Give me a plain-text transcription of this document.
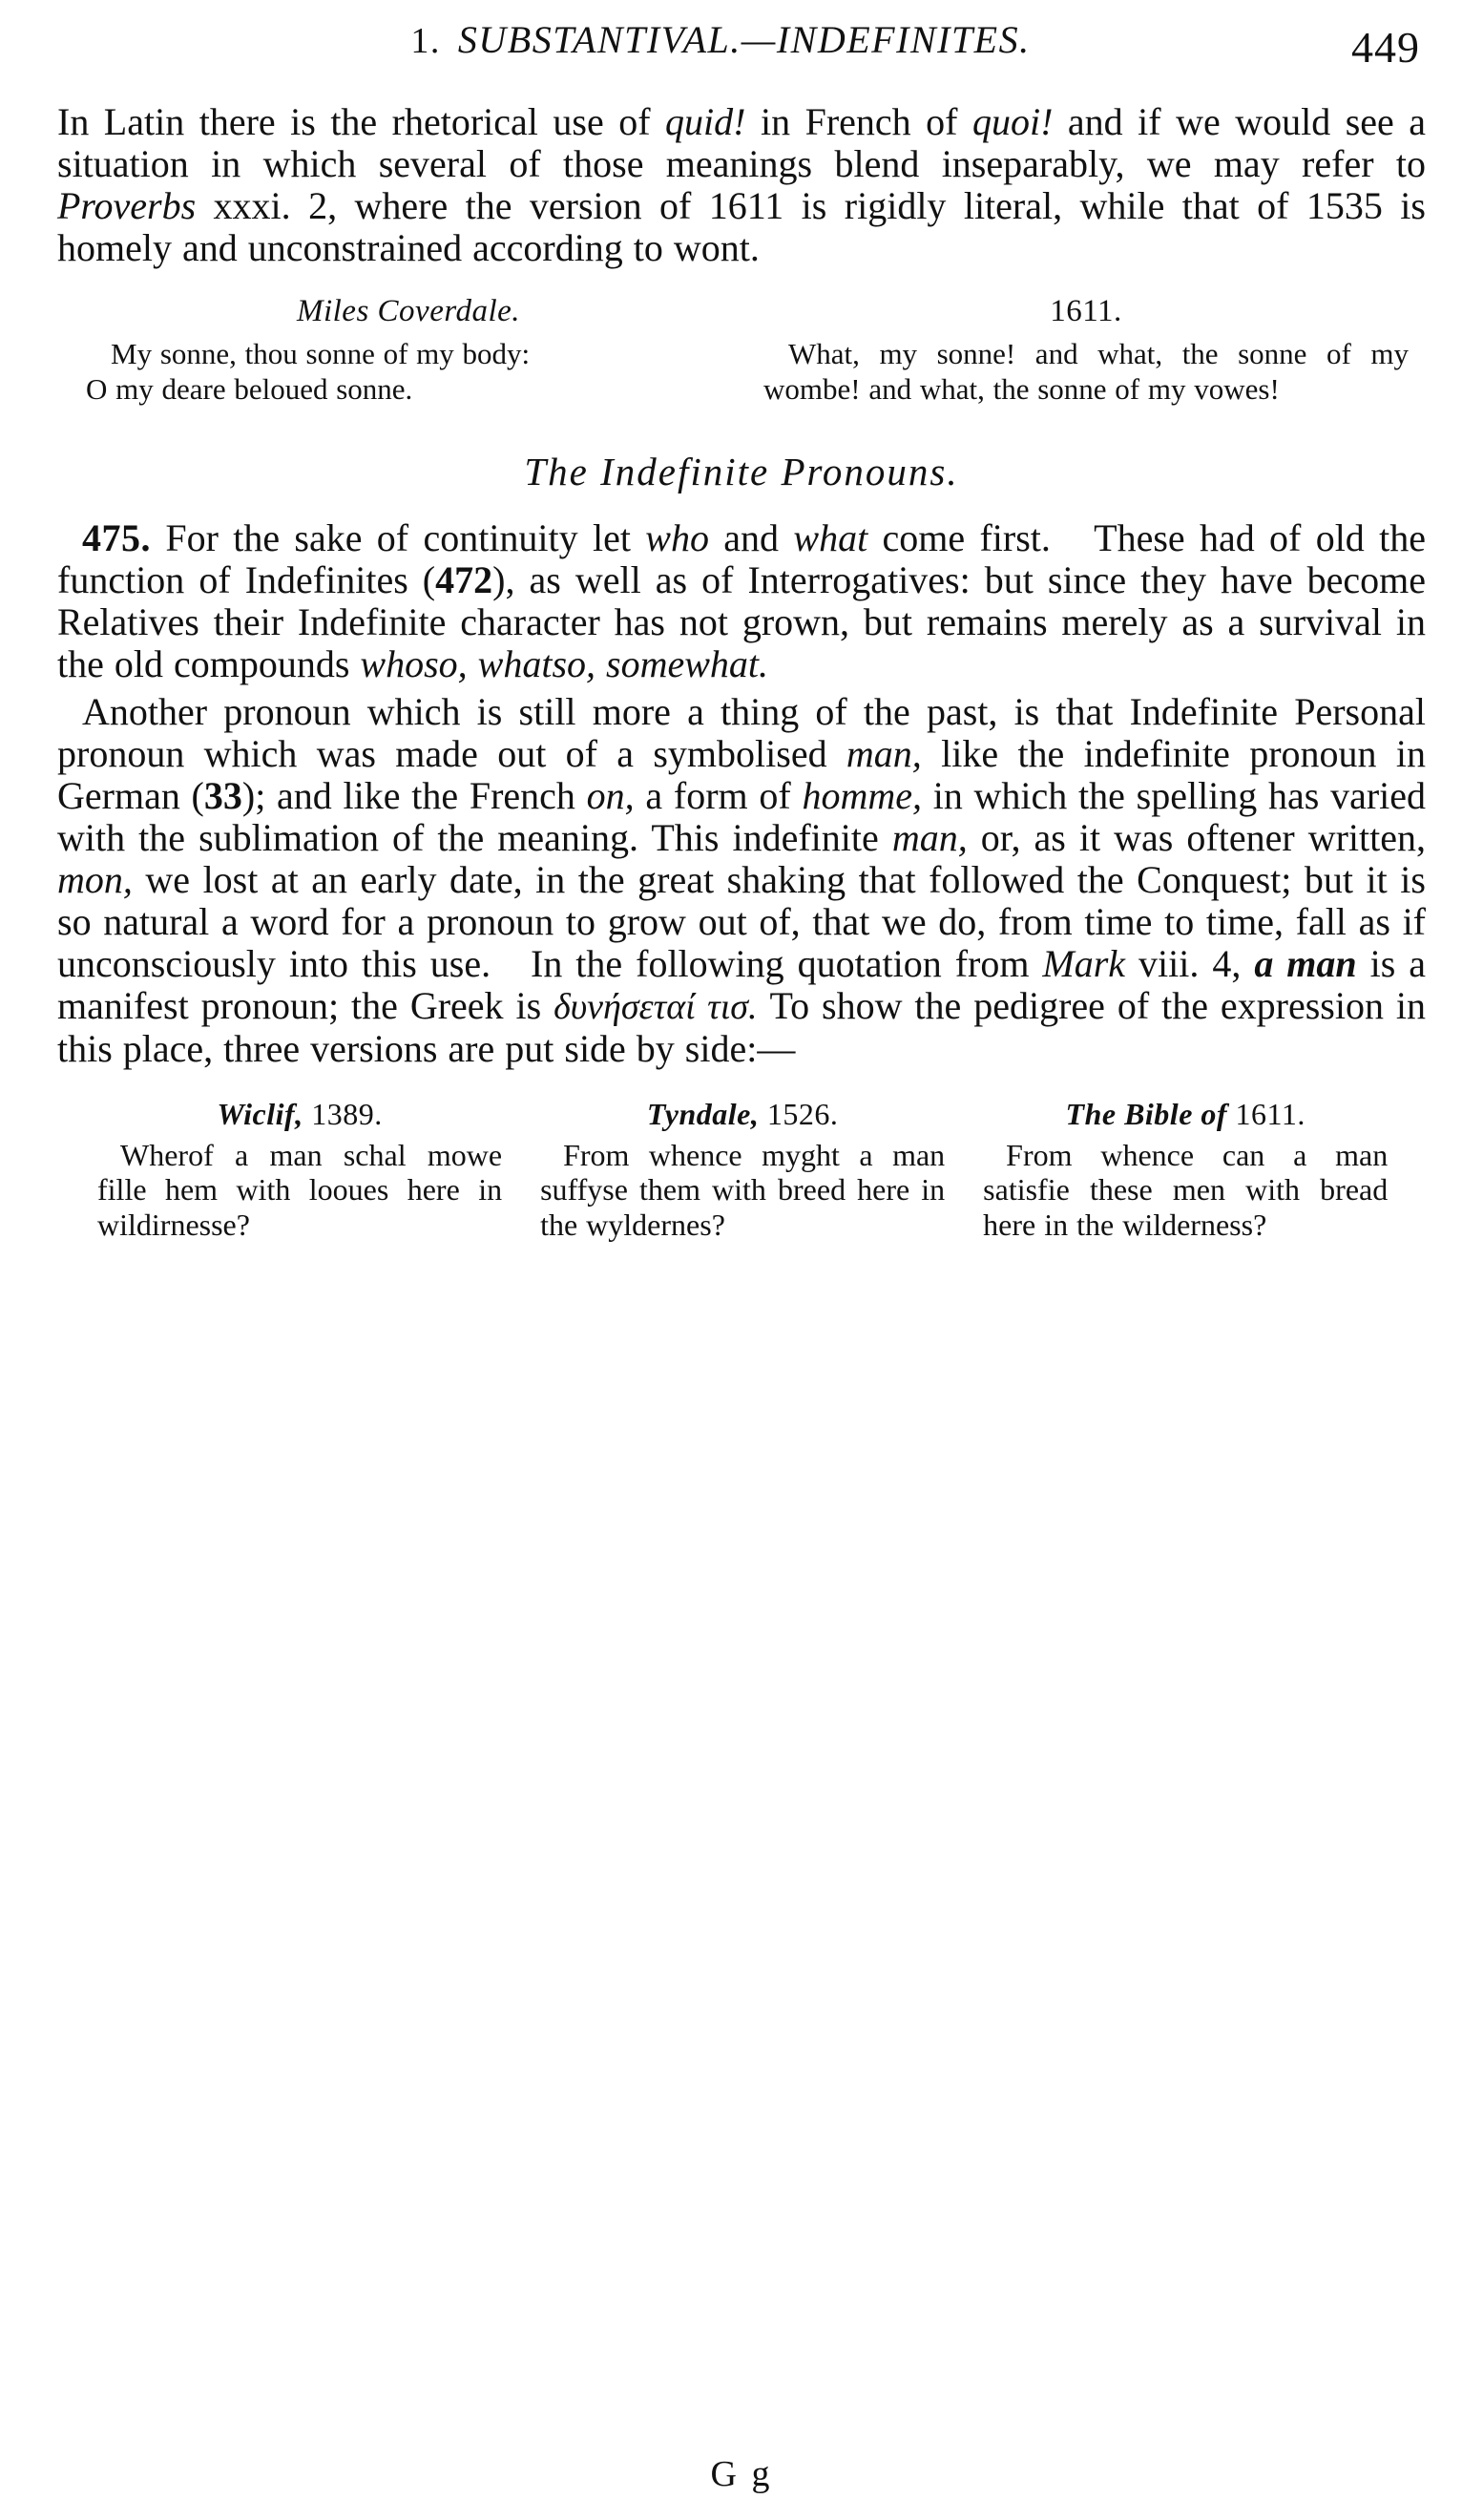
1. SUBSTANTIVAL.—INDEFINITES.	449

In Latin there is the rhetorical use of quid! in French of quoi! and if we would see a situation in which several of those meanings blend inseparably, we may refer to Proverbs xxxi. 2, where the version of 1611 is rigidly literal, while that of 1535 is homely and unconstrained according to wont.

Miles Coverdale.
My sonne, thou sonne of my body:
O my deare beloued sonne.
1611.
What, my sonne! and what, the sonne of my wombe! and what, the sonne of my vowes!
The Indefinite Pronouns.

475. For the sake of continuity let who and what come first.   These had of old the function of Indefinites (472), as well as of Interrogatives: but since they have become Relatives their Indefinite character has not grown, but remains merely as a survival in the old compounds whoso, whatso, somewhat.

Another pronoun which is still more a thing of the past, is that Indefinite Personal pronoun which was made out of a symbolised man, like the indefinite pronoun in German (33); and like the French on, a form of homme, in which the spelling has varied with the sublimation of the meaning. This indefinite man, or, as it was oftener written, mon, we lost at an early date, in the great shaking that followed the Conquest; but it is so natural a word for a pronoun to grow out of, that we do, from time to time, fall as if unconsciously into this use.   In the following quotation from Mark viii. 4, a man is a manifest pronoun; the Greek is δυνήσεταί τισ. To show the pedigree of the expression in this place, three versions are put side by side:—

Wiclif, 1389.
Wherof a man schal mowe fille hem with looues here in wildirnesse?
Tyndale, 1526.
From whence myght a man suffyse them with breed here in the wyldernes?
The Bible of 1611.
From whence can a man satisfie these men with bread here in the wilderness?
G g
